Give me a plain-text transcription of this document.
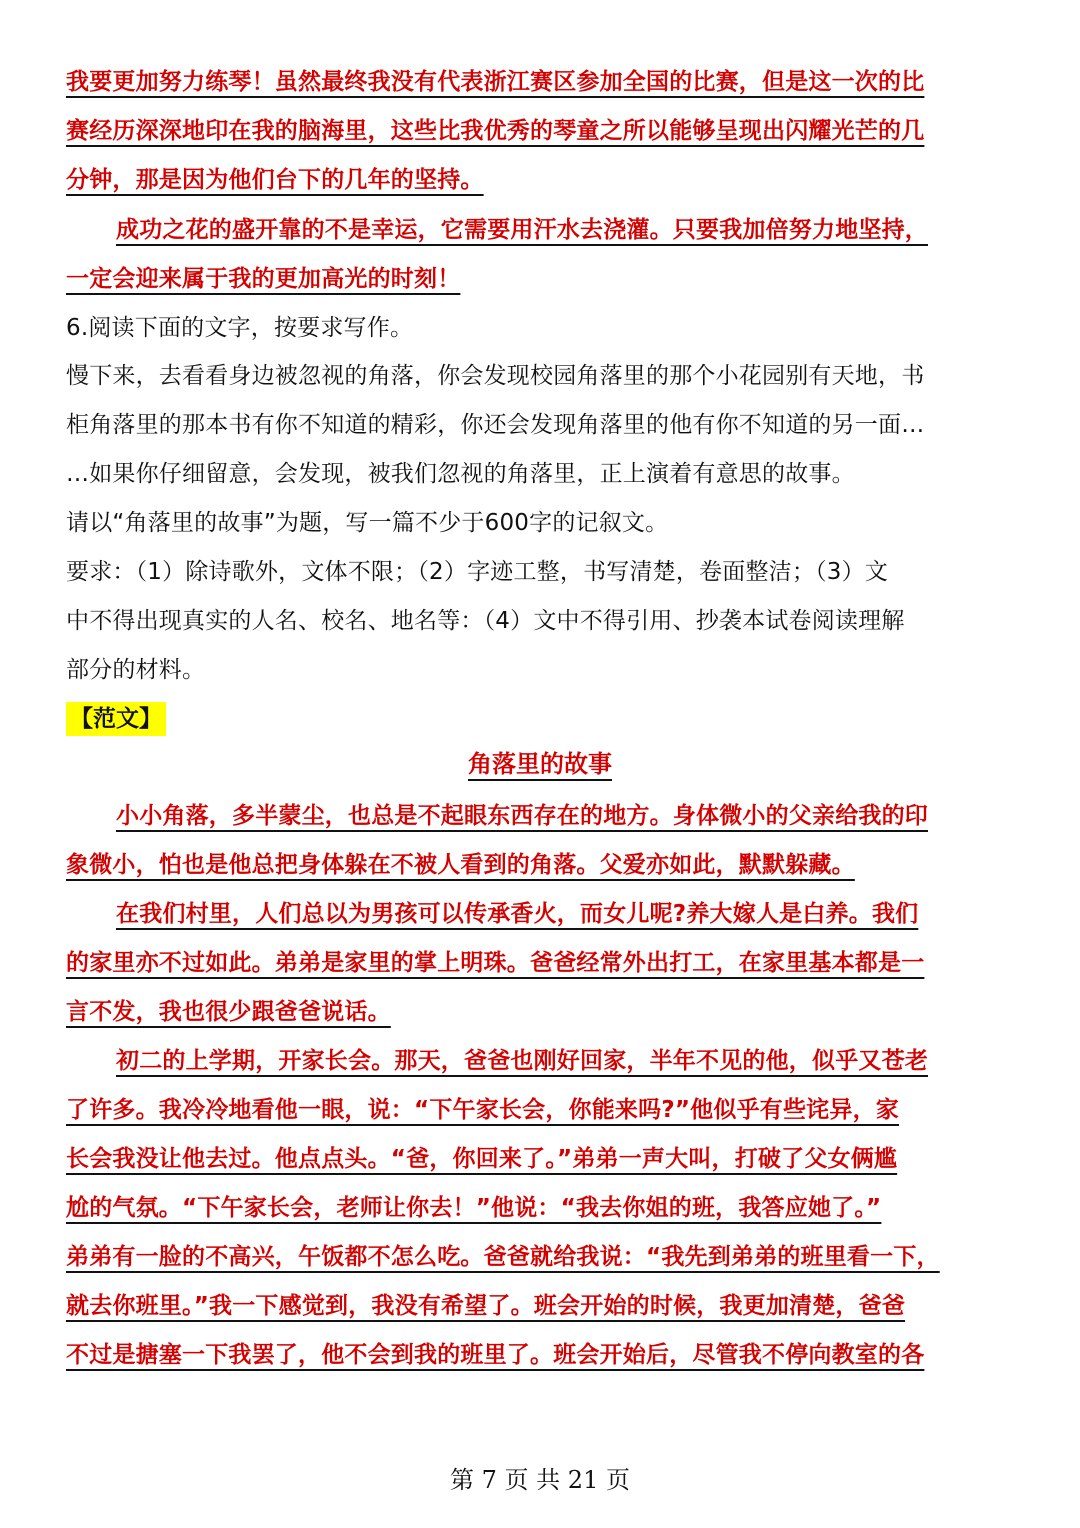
我要更加努力练琴！虽然最终我没有代表浙江赛区参加全国的比赛，但是这一次的比
赛经历深深地印在我的脑海里，这些比我优秀的琴童之所以能够呈现出闪耀光芒的几
分钟，那是因为他们台下的几年的坚持。
成功之花的盛开靠的不是幸运，它需要用汗水去浇灌。只要我加倍努力地坚持，
一定会迎来属于我的更加高光的时刻！
6.阅读下面的文字，按要求写作。
慢下来，去看看身边被忽视的角落，你会发现校园角落里的那个小花园别有天地，书
柜角落里的那本书有你不知道的精彩，你还会发现角落里的他有你不知道的另一面…
…如果你仔细留意，会发现，被我们忽视的角落里，正上演着有意思的故事。
请以“角落里的故事”为题，写一篇不少于600字的记叙文。
要求：（1）除诗歌外，文体不限；（2）字迹工整，书写清楚，卷面整洁；（3）文
中不得出现真实的人名、校名、地名等：（4）文中不得引用、抄袭本试卷阅读理解
部分的材料。
【范文】
角落里的故事
小小角落，多半蒙尘，也总是不起眼东西存在的地方。身体微小的父亲给我的印
象微小，怕也是他总把身体躲在不被人看到的角落。父爱亦如此，默默躲藏。
在我们村里，人们总以为男孩可以传承香火，而女儿呢?养大嫁人是白养。我们
的家里亦不过如此。弟弟是家里的掌上明珠。爸爸经常外出打工，在家里基本都是一
言不发，我也很少跟爸爸说话。
初二的上学期，开家长会。那天，爸爸也刚好回家，半年不见的他，似乎又苍老
了许多。我冷冷地看他一眼，说：“下午家长会，你能来吗?”他似乎有些诧异，家
长会我没让他去过。他点点头。“爸，你回来了。”弟弟一声大叫，打破了父女俩尴
尬的气氛。“下午家长会，老师让你去！”他说：“我去你姐的班，我答应她了。”
弟弟有一脸的不高兴，午饭都不怎么吃。爸爸就给我说：“我先到弟弟的班里看一下，
就去你班里。”我一下感觉到，我没有希望了。班会开始的时候，我更加清楚，爸爸
不过是搪塞一下我罢了，他不会到我的班里了。班会开始后，尽管我不停向教室的各
第 7 页 共 21 页
